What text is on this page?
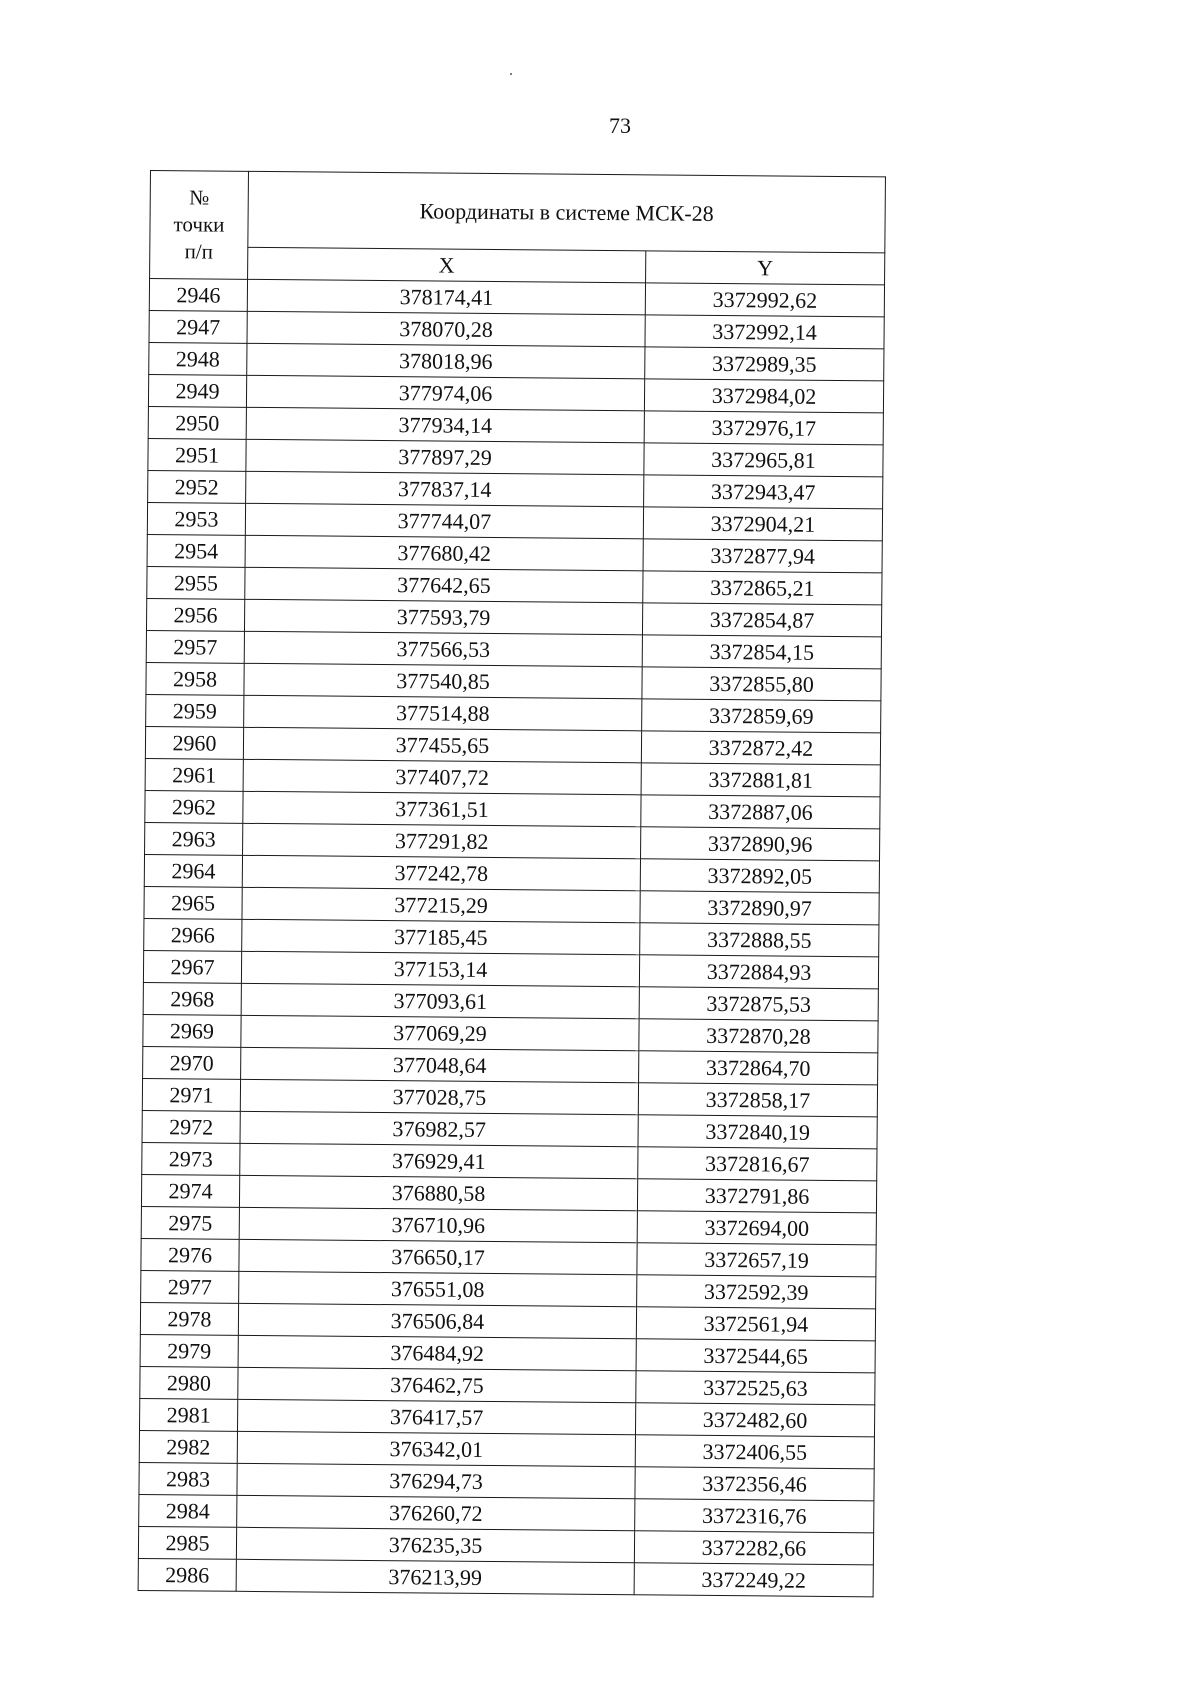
73
№
точки
п/п	Координаты в системе МСК-28	
	X	Y
2946	378174,41	3372992,62
2947	378070,28	3372992,14
2948	378018,96	3372989,35
2949	377974,06	3372984,02
2950	377934,14	3372976,17
2951	377897,29	3372965,81
2952	377837,14	3372943,47
2953	377744,07	3372904,21
2954	377680,42	3372877,94
2955	377642,65	3372865,21
2956	377593,79	3372854,87
2957	377566,53	3372854,15
2958	377540,85	3372855,80
2959	377514,88	3372859,69
2960	377455,65	3372872,42
2961	377407,72	3372881,81
2962	377361,51	3372887,06
2963	377291,82	3372890,96
2964	377242,78	3372892,05
2965	377215,29	3372890,97
2966	377185,45	3372888,55
2967	377153,14	3372884,93
2968	377093,61	3372875,53
2969	377069,29	3372870,28
2970	377048,64	3372864,70
2971	377028,75	3372858,17
2972	376982,57	3372840,19
2973	376929,41	3372816,67
2974	376880,58	3372791,86
2975	376710,96	3372694,00
2976	376650,17	3372657,19
2977	376551,08	3372592,39
2978	376506,84	3372561,94
2979	376484,92	3372544,65
2980	376462,75	3372525,63
2981	376417,57	3372482,60
2982	376342,01	3372406,55
2983	376294,73	3372356,46
2984	376260,72	3372316,76
2985	376235,35	3372282,66
2986	376213,99	3372249,22
